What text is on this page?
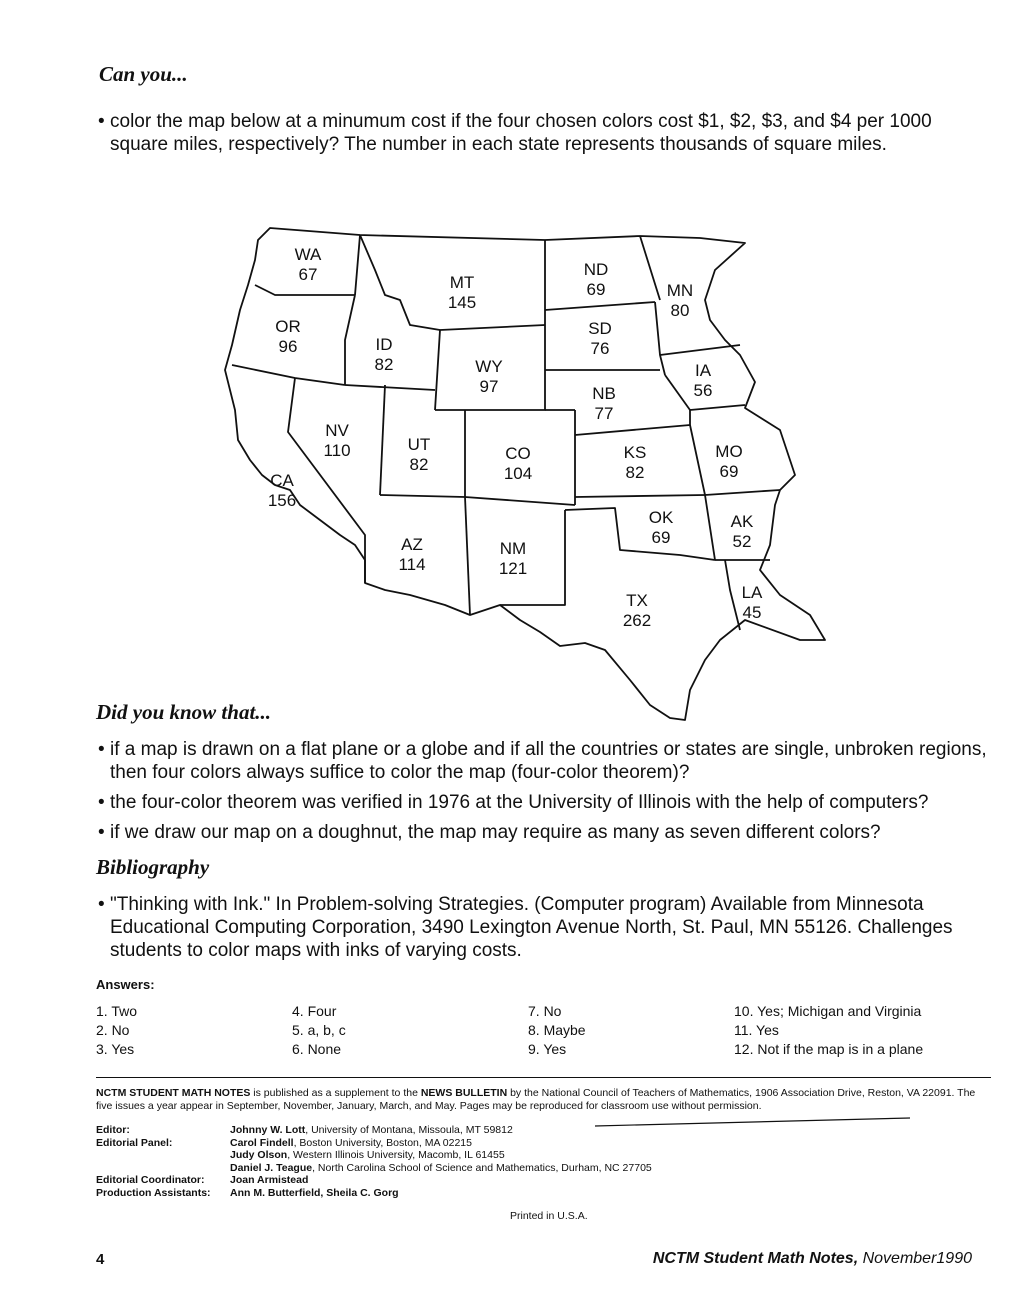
Can you...
• color the map below at a minumum cost if the four chosen colors cost $1, $2, $3, and $4 per 1000 square miles, respectively? The number in each state represents thousands of square miles.
WA
67	MT
145
ND
69	MN
80
OR
96	ID
82
SD
76
WY
97
IA
56
NB
77
NV
110	UT
82
CO
104
KS
82
MO
69
CA
156
OK
69
AK
52
AZ
114
NM
121
TX
262
LA
45
Did you know that...
• if a map is drawn on a flat plane or a globe and if all the countries or states are single, unbroken regions, then four colors always suffice to color the map (four-color theorem)?
• the four-color theorem was verified in 1976 at the University of Illinois with the help of computers?
• if we draw our map on a doughnut, the map may require as many as seven different colors?
Bibliography
• "Thinking with Ink." In Problem-solving Strategies. (Computer program) Available from Minnesota Educational Computing Corporation, 3490 Lexington Avenue North, St. Paul, MN 55126. Challenges students to color maps with inks of varying costs.
Answers:
1. Two
2. No
3. Yes
4. Four
5. a, b, c
6. None
7. No
8. Maybe
9. Yes
10. Yes; Michigan and Virginia
11. Yes
12. Not if the map is in a plane
NCTM STUDENT MATH NOTES is published as a supplement to the NEWS BULLETIN by the National Council of Teachers of Mathematics, 1906 Association Drive, Reston, VA 22091. The five issues a year appear in September, November, January, March, and May. Pages may be reproduced for classroom use without permission.
Editor:	Johnny W. Lott, University of Montana, Missoula, MT 59812
Editorial Panel:	Carol Findell, Boston University, Boston, MA 02215
Judy Olson, Western Illinois University, Macomb, IL 61455
Daniel J. Teague, North Carolina School of Science and Mathematics, Durham, NC 27705
Editorial Coordinator:	Joan Armistead
Production Assistants:	Ann M. Butterfield, Sheila C. Gorg
Printed in U.S.A.
4	NCTM Student Math Notes, November1990
